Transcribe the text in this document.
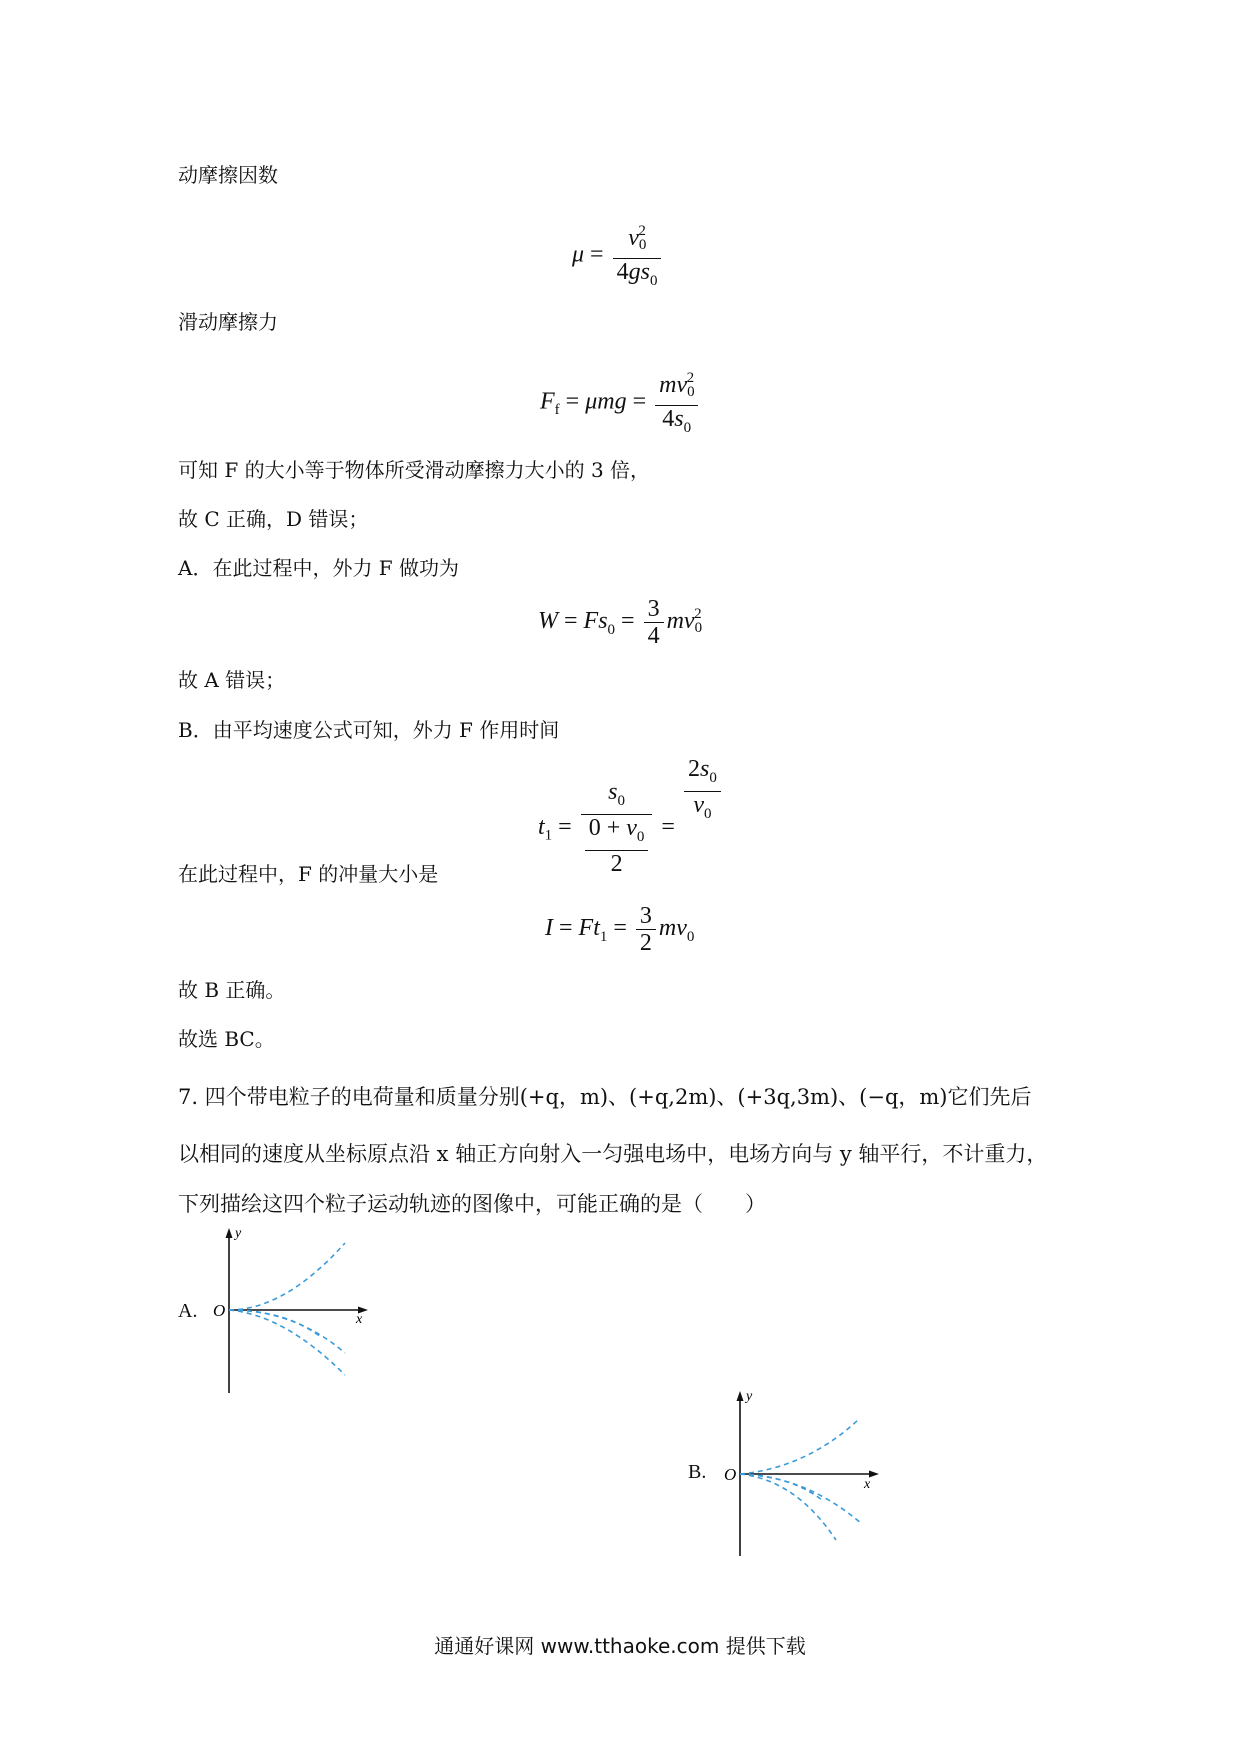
动摩擦因数
$\mu = \frac{v_0^2}{4gs_0}$
滑动摩擦力
$F_f = \mu mg = \frac{mv_0^2}{4s_0}$
可知 F 的大小等于物体所受滑动摩擦力大小的 3 倍，
故 C 正确，D 错误；
A．在此过程中，外力 F 做功为
$W = Fs_0 = \frac{3}{4} mv_0^2$
故 A 错误；
B．由平均速度公式可知，外力 F 作用时间
$t_1 = \frac{s_0}{\frac{0 + v_0}{2}}$ =
$\frac{2s_0}{v_0}$
在此过程中，F 的冲量大小是
$I = Ft_1 = \frac{3}{2} mv_0$
故 B 正确。
故选 BC。
7. 四个带电粒子的电荷量和质量分别(+q，m)、(+q,2m)、(+3q,3m)、(−q，m)它们先后
以相同的速度从坐标原点沿 x 轴正方向射入一匀强电场中，电场方向与 y 轴平行，不计重力，
下列描绘这四个粒子运动轨迹的图像中，可能正确的是（　　）
A.
y
x
O
B.
y
x
O
通通好课网 www.tthaoke.com 提供下载
